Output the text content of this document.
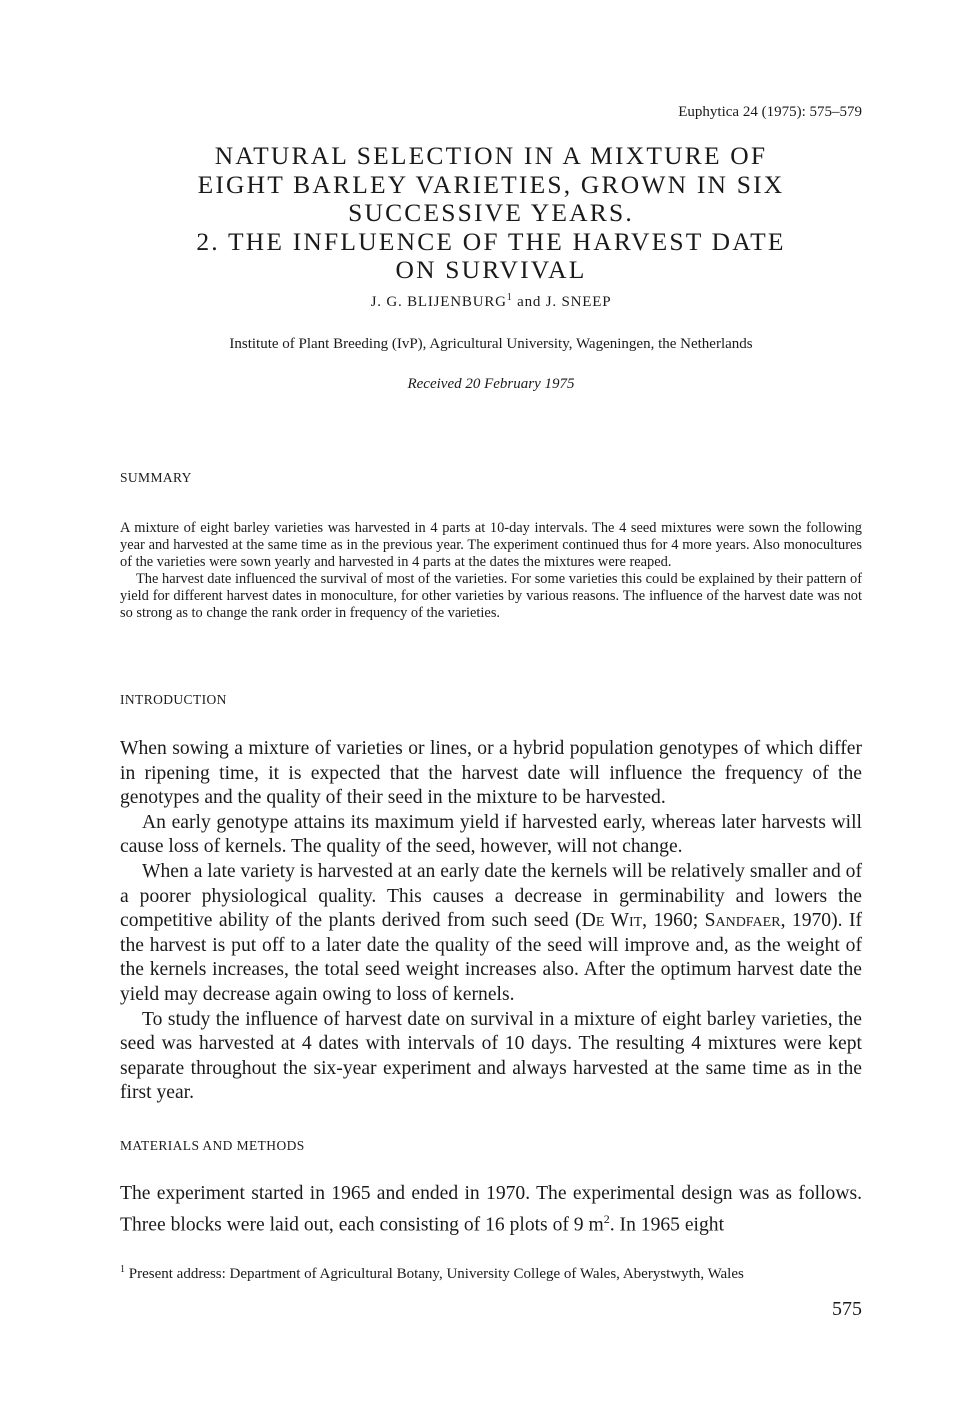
Euphytica 24 (1975): 575–579
NATURAL SELECTION IN A MIXTURE OF
EIGHT BARLEY VARIETIES, GROWN IN SIX
SUCCESSIVE YEARS.
2. THE INFLUENCE OF THE HARVEST DATE
ON SURVIVAL
J. G. BLIJENBURG$^1$ and J. SNEEP
Institute of Plant Breeding (IvP), Agricultural University, Wageningen, the Netherlands
Received 20 February 1975
SUMMARY

A mixture of eight barley varieties was harvested in 4 parts at 10-day intervals. The 4 seed mixtures were sown the following year and harvested at the same time as in the previous year. The experiment continued thus for 4 more years. Also monocultures of the varieties were sown yearly and harvested in 4 parts at the dates the mixtures were reaped.

The harvest date influenced the survival of most of the varieties. For some varieties this could be explained by their pattern of yield for different harvest dates in monoculture, for other varieties by various reasons. The influence of the harvest date was not so strong as to change the rank order in frequency of the varieties.

INTRODUCTION

When sowing a mixture of varieties or lines, or a hybrid population genotypes of which differ in ripening time, it is expected that the harvest date will influence the frequency of the genotypes and the quality of their seed in the mixture to be harvested.

An early genotype attains its maximum yield if harvested early, whereas later harvests will cause loss of kernels. The quality of the seed, however, will not change.

When a late variety is harvested at an early date the kernels will be relatively smaller and of a poorer physiological quality. This causes a decrease in germinability and lowers the competitive ability of the plants derived from such seed (De Wit, 1960; Sandfaer, 1970). If the harvest is put off to a later date the quality of the seed will improve and, as the weight of the kernels increases, the total seed weight increases also. After the optimum harvest date the yield may decrease again owing to loss of kernels.

To study the influence of harvest date on survival in a mixture of eight barley varieties, the seed was harvested at 4 dates with intervals of 10 days. The resulting 4 mixtures were kept separate throughout the six-year experiment and always harvested at the same time as in the first year.

MATERIALS AND METHODS

The experiment started in 1965 and ended in 1970. The experimental design was as follows. Three blocks were laid out, each consisting of 16 plots of 9 $m^2$. In 1965 eight

$^1$ Present address: Department of Agricultural Botany, University College of Wales, Aberystwyth, Wales
575
